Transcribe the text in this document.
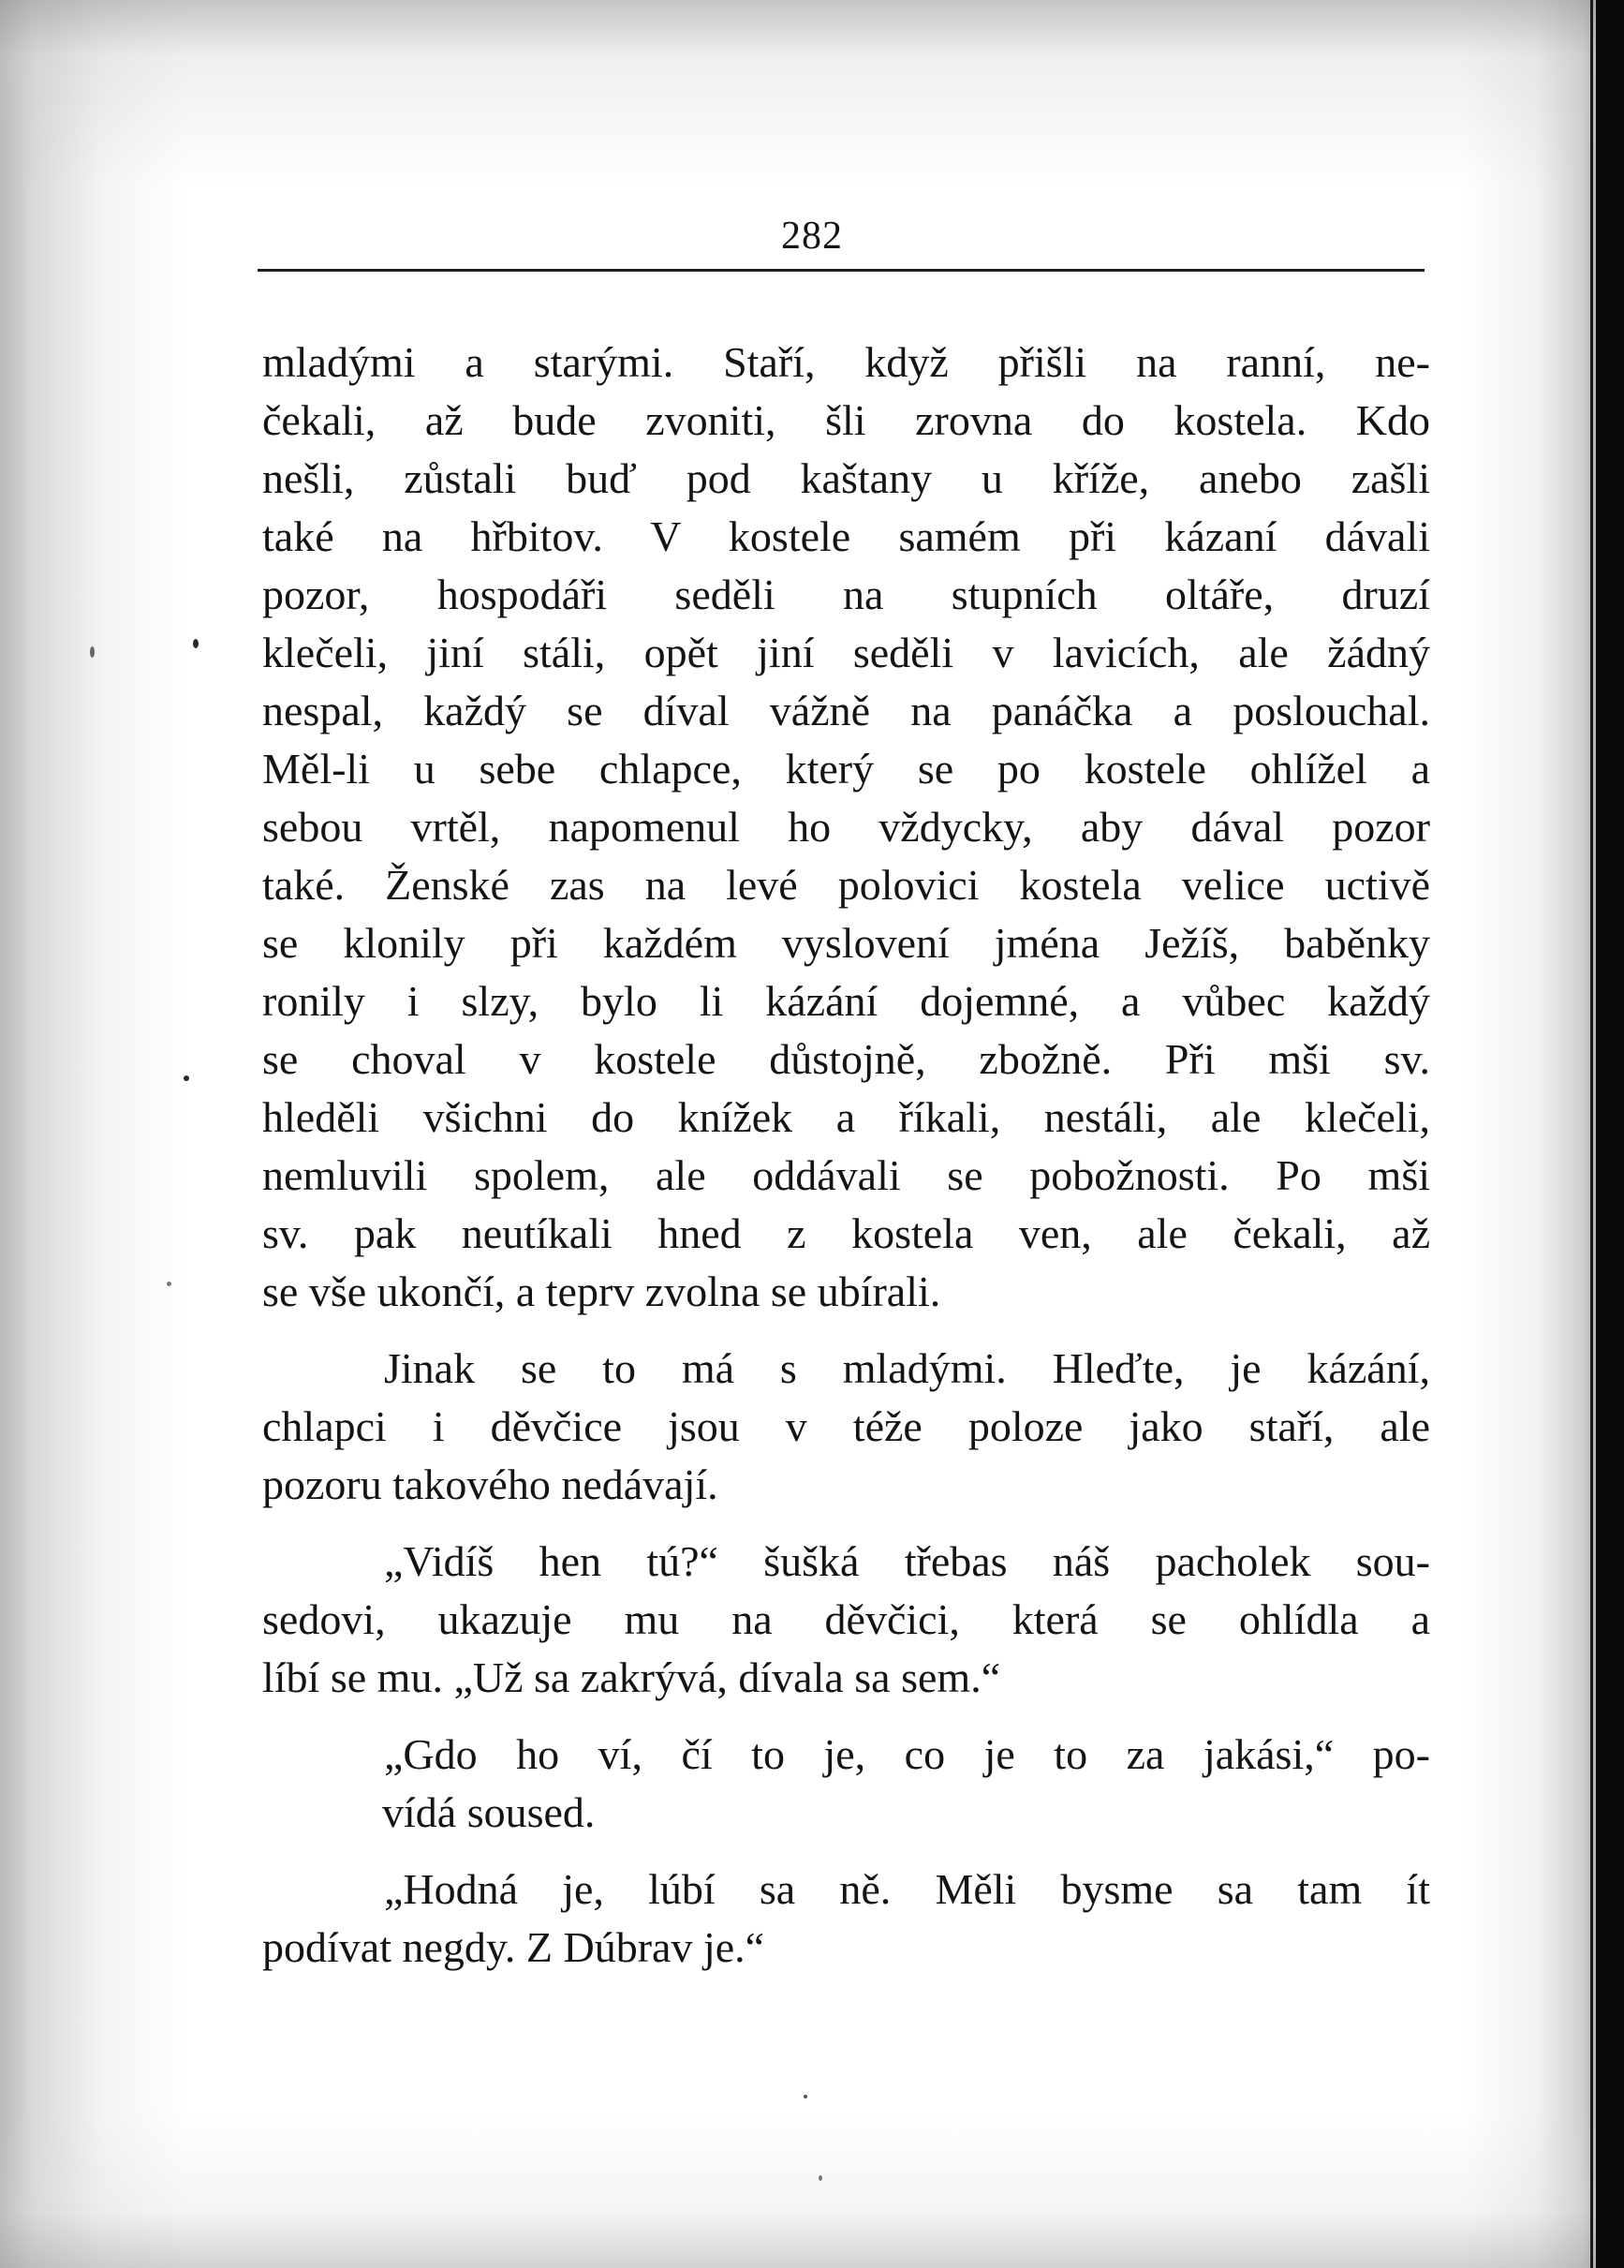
282
mladými a starými. Staří, když přišli na ranní, ne-
čekali, až bude zvoniti, šli zrovna do kostela. Kdo
nešli, zůstali buď pod kaštany u kříže, anebo zašli
také na hřbitov. V kostele samém při kázaní dávali
pozor, hospodáři seděli na stupních oltáře, druzí
klečeli, jiní stáli, opět jiní seděli v lavicích, ale žádný
nespal, každý se díval vážně na panáčka a poslouchal.
Měl-li u sebe chlapce, který se po kostele ohlížel a
sebou vrtěl, napomenul ho vždycky, aby dával pozor
také. Ženské zas na levé polovici kostela velice uctivě
se klonily při každém vyslovení jména Ježíš, baběnky
ronily i slzy, bylo li kázání dojemné, a vůbec každý
se choval v kostele důstojně, zbožně. Při mši sv.
hleděli všichni do knížek a říkali, nestáli, ale klečeli,
nemluvili spolem, ale oddávali se pobožnosti. Po mši
sv. pak neutíkali hned z kostela ven, ale čekali, až
se vše ukončí, a teprv zvolna se ubírali.
Jinak se to má s mladými. Hleďte, je kázání,
chlapci i děvčice jsou v téže poloze jako staří, ale
pozoru takového nedávají.
„Vidíš hen tú?“ šušká třebas náš pacholek sou-
sedovi, ukazuje mu na děvčici, která se ohlídla a
líbí se mu. „Už sa zakrývá, dívala sa sem.“
„Gdo ho ví, čí to je, co je to za jakási,“ po-
vídá soused.
„Hodná je, lúbí sa ně. Měli bysme sa tam ít
podívat negdy. Z Dúbrav je.“
